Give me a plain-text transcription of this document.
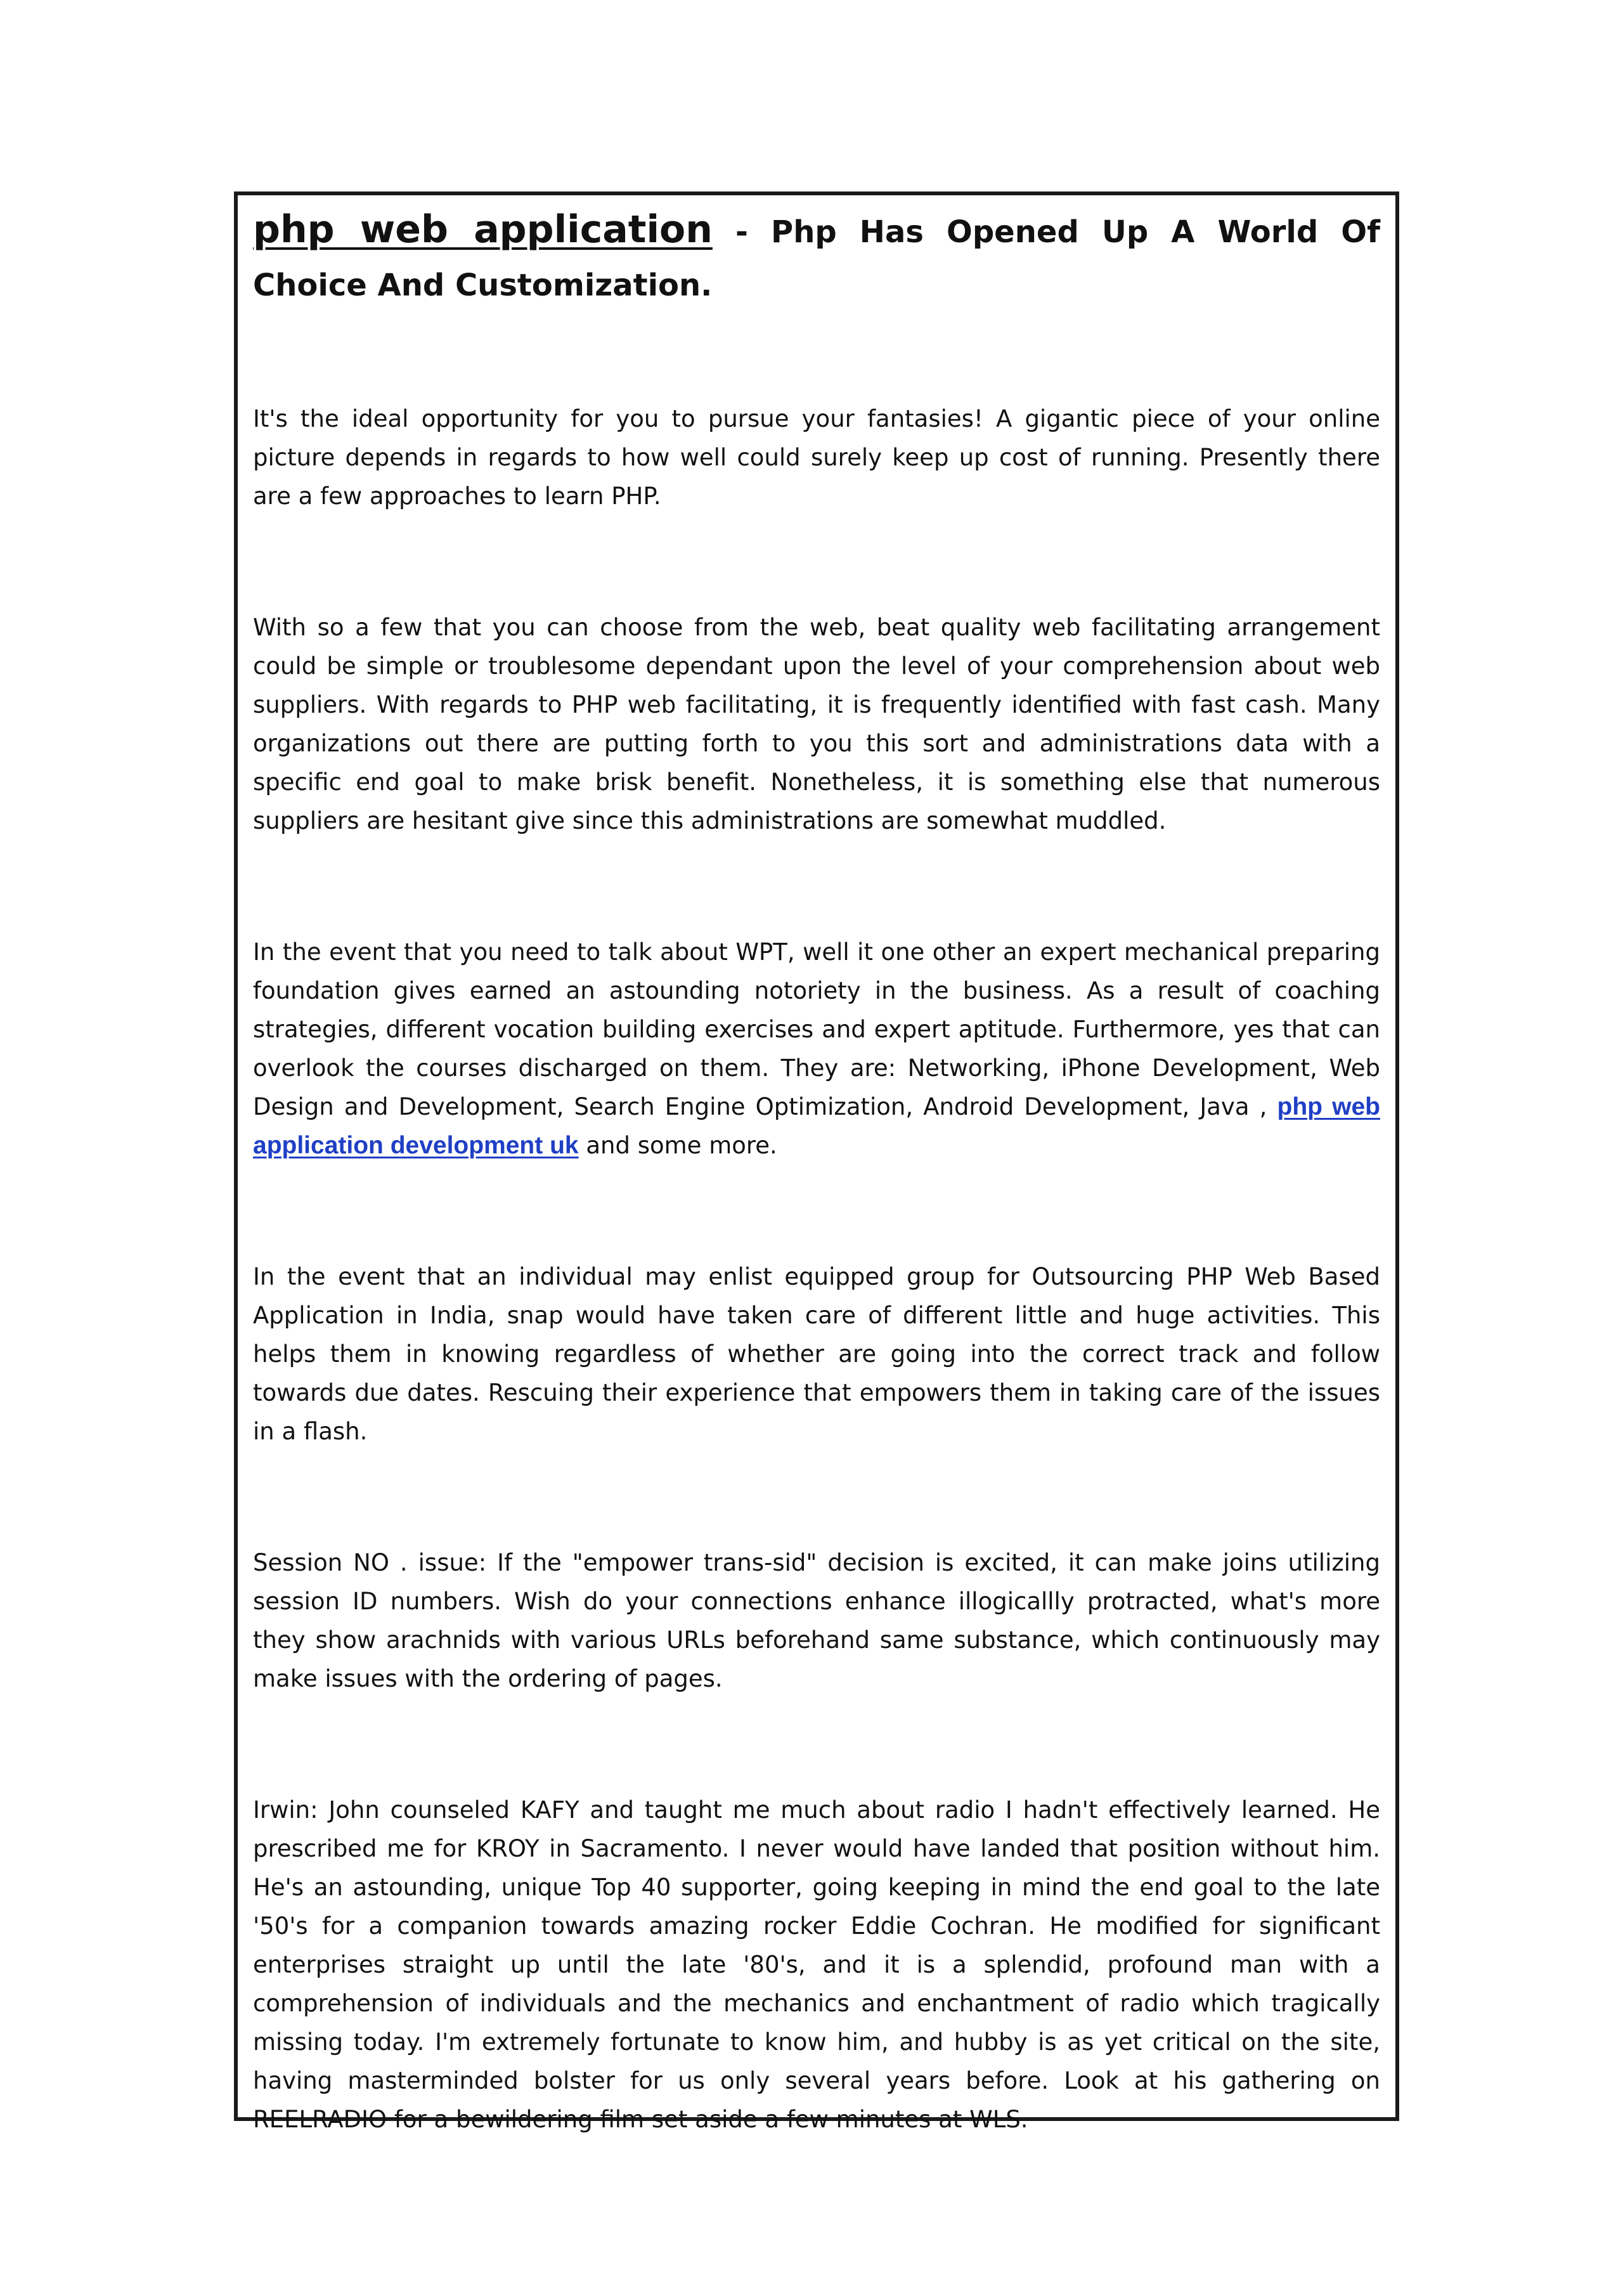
php web application - Php Has Opened Up A World Of Choice And Customization.

It's the ideal opportunity for you to pursue your fantasies! A gigantic piece of your online picture depends in regards to how well could surely keep up cost of running. Presently there are a few approaches to learn PHP.

With so a few that you can choose from the web, beat quality web facilitating arrangement could be simple or troublesome dependant upon the level of your comprehension about web suppliers. With regards to PHP web facilitating, it is frequently identified with fast cash. Many organizations out there are putting forth to you this sort and administrations data with a specific end goal to make brisk benefit. Nonetheless, it is something else that numerous suppliers are hesitant give since this administrations are somewhat muddled.

In the event that you need to talk about WPT, well it one other an expert mechanical preparing foundation gives earned an astounding notoriety in the business. As a result of coaching strategies, different vocation building exercises and expert aptitude. Furthermore, yes that can overlook the courses discharged on them. They are: Networking, iPhone Development, Web Design and Development, Search Engine Optimization, Android Development, Java , php web application development uk and some more.

In the event that an individual may enlist equipped group for Outsourcing PHP Web Based Application in India, snap would have taken care of different little and huge activities. This helps them in knowing regardless of whether are going into the correct track and follow towards due dates. Rescuing their experience that empowers them in taking care of the issues in a flash.

Session NO . issue: If the "empower trans-sid" decision is excited, it can make joins utilizing session ID numbers. Wish do your connections enhance illogicallly protracted, what's more they show arachnids with various URLs beforehand same substance, which continuously may make issues with the ordering of pages.

Irwin: John counseled KAFY and taught me much about radio I hadn't effectively learned. He prescribed me for KROY in Sacramento. I never would have landed that position without him. He's an astounding, unique Top 40 supporter, going keeping in mind the end goal to the late '50's for a companion towards amazing rocker Eddie Cochran. He modified for significant enterprises straight up until the late '80's, and it is a splendid, profound man with a comprehension of individuals and the mechanics and enchantment of radio which tragically missing today. I'm extremely fortunate to know him, and hubby is as yet critical on the site, having masterminded bolster for us only several years before. Look at his gathering on REELRADIO for a bewildering film set aside a few minutes at WLS.
